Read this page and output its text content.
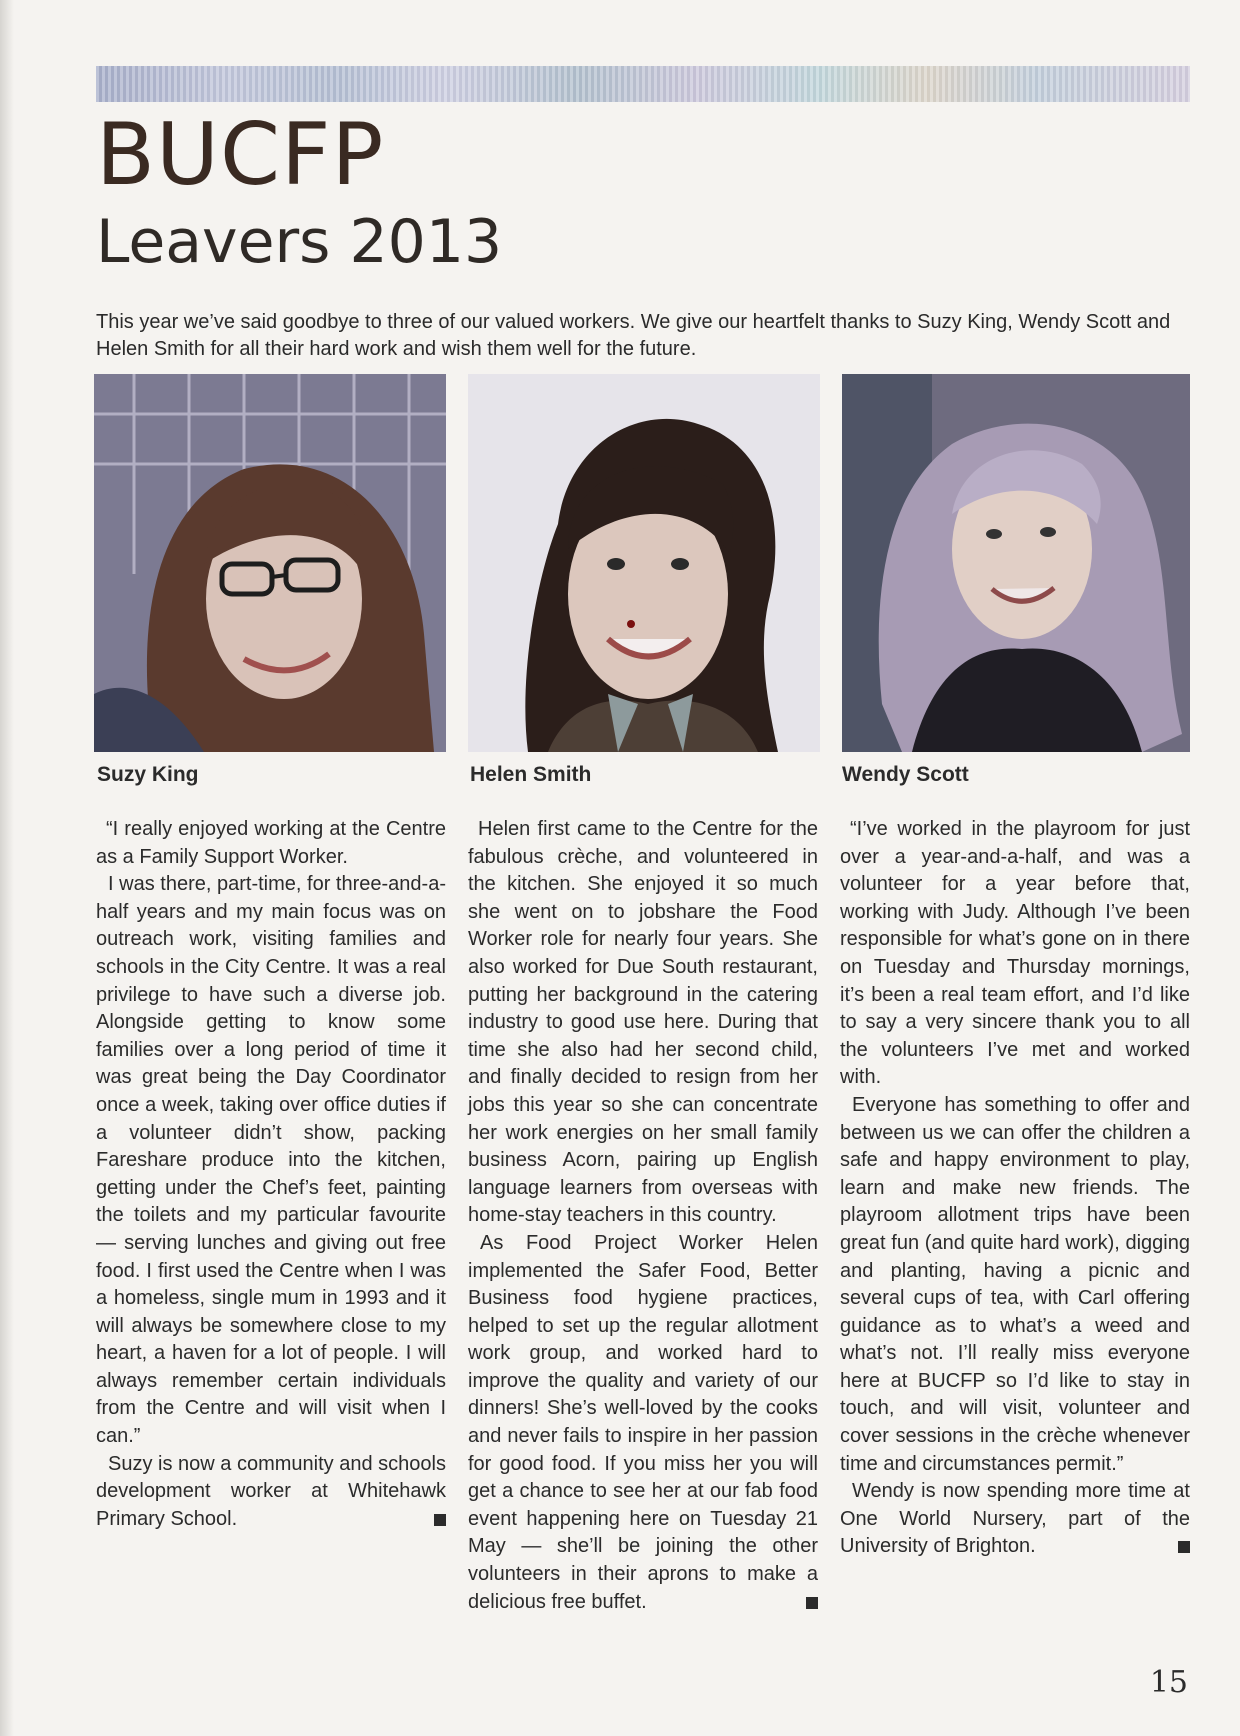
BUCFP
Leavers 2013

This year we’ve said goodbye to three of our valued workers. We give our heartfelt thanks to Suzy King, Wendy Scott and Helen Smith for all their hard work and wish them well for the future.

Suzy King	Helen Smith	Wendy Scott

“I really enjoyed working at the Centre as a Family Support Worker.

I was there, part-time, for three-and-a-half years and my main focus was on outreach work, visiting families and schools in the City Centre. It was a real privilege to have such a diverse job. Alongside getting to know some families over a long period of time it was great being the Day Coordinator once a week, taking over office duties if a volunteer didn’t show, packing Fareshare produce into the kitchen, getting under the Chef’s feet, painting the toilets and my particular favourite — serving lunches and giving out free food. I first used the Centre when I was a homeless, single mum in 1993 and it will always be somewhere close to my heart, a haven for a lot of people. I will always remember certain individuals from the Centre and will visit when I can.”

Suzy is now a community and schools development worker at Whitehawk Primary School.

Helen first came to the Centre for the fabulous crèche, and volunteered in the kitchen. She enjoyed it so much she went on to jobshare the Food Worker role for nearly four years. She also worked for Due South restaurant, putting her background in the catering industry to good use here. During that time she also had her second child, and finally decided to resign from her jobs this year so she can concentrate her work energies on her small family business Acorn, pairing up English language learners from overseas with home-stay teachers in this country.

As Food Project Worker Helen implemented the Safer Food, Better Business food hygiene practices, helped to set up the regular allotment work group, and worked hard to improve the quality and variety of our dinners! She’s well-loved by the cooks and never fails to inspire in her passion for good food. If you miss her you will get a chance to see her at our fab food event happening here on Tuesday 21 May — she’ll be joining the other volunteers in their aprons to make a delicious free buffet.

“I’ve worked in the playroom for just over a year-and-a-half, and was a volunteer for a year before that, working with Judy. Although I’ve been responsible for what’s gone on in there on Tuesday and Thursday mornings, it’s been a real team effort, and I’d like to say a very sincere thank you to all the volunteers I’ve met and worked with.

Everyone has something to offer and between us we can offer the children a safe and happy environment to play, learn and make new friends. The playroom allotment trips have been great fun (and quite hard work), digging and planting, having a picnic and several cups of tea, with Carl offering guidance as to what’s a weed and what’s not. I’ll really miss everyone here at BUCFP so I’d like to stay in touch, and will visit, volunteer and cover sessions in the crèche whenever time and circumstances permit.”

Wendy is now spending more time at One World Nursery, part of the University of Brighton.

15
